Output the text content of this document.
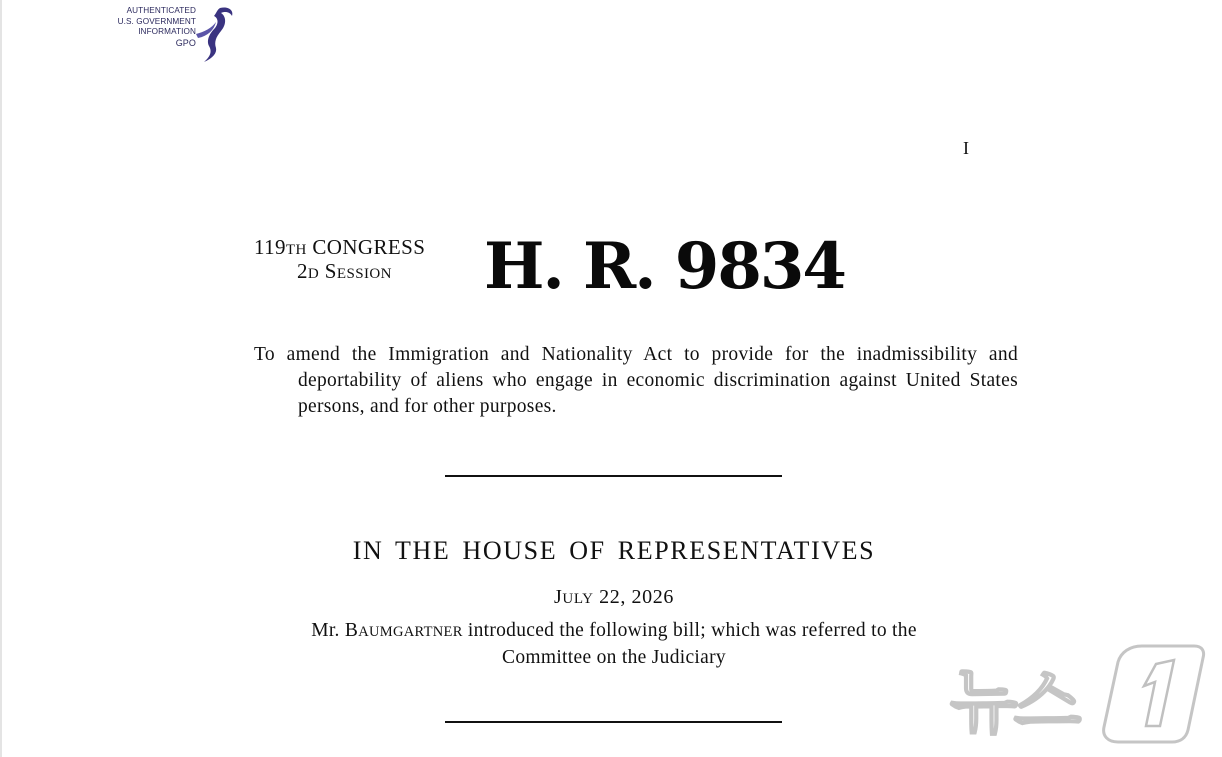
AUTHENTICATED
U.S. GOVERNMENT
INFORMATION
GPO
I
119TH CONGRESS
2D SESSION H. R. 9834
To amend the Immigration and Nationality Act to provide for the inadmissibility and deportability of aliens who engage in economic discrimination against United States persons, and for other purposes.
IN THE HOUSE OF REPRESENTATIVES
JULY 22, 2026
Mr. BAUMGARTNER introduced the following bill; which was referred to the
Committee on the Judiciary
뉴스
